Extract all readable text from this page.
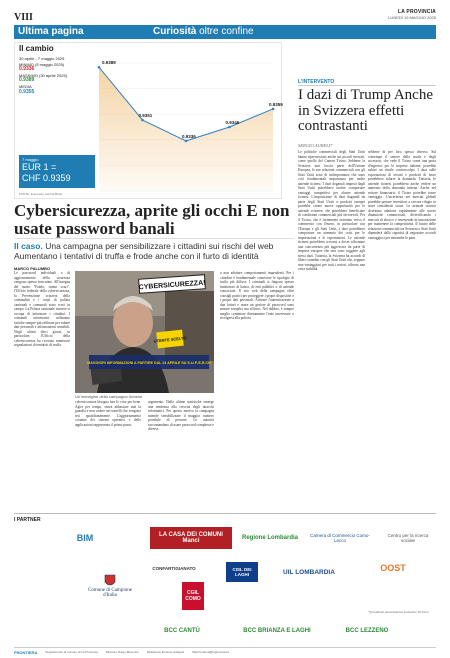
VIII	LA PROVINCIA
LUNEDÌ 19 MAGGIO 2025
Ultima pagina	Curiosità oltre confine
0.9389
0.9351
0.9336
0.9346
0.9359
Il cambio
30 aprile - 7 maggio 2025
MINIMO (5 maggio 2025)
0.9336
MASSIMO (30 aprile 2025)
0.9389
MEDIA
0.9355
7 maggio
EUR 1 =
CHF 0.9359
FONTE: European Central Bank
L'INTERVENTO
I dazi di Trump Anche in Svizzera effetti contrastanti
SERGIO AURELI*
Le politiche commerciali degli Stati Uniti hanno ripercussioni anche sui piccoli mercati, come quello del Canton Ticino. Sebbene la Svizzera non faccia parte dell'Unione Europea, le sue relazioni commerciali con gli Stati Uniti sono di un'importanza che sono così fondamentali importanza per molte aziende ticinesi. I dazi doganali imposti dagli Stati Uniti potrebbero inoltre comportare vantaggi competitivi per alcune aziende ticinesi. L'imposizione di dazi doganali da parte degli Stati Uniti a prodotti europei potrebbe creare nuove opportunità per le aziende svizzere, che potrebbero beneficiare di condizioni commerciali più favorevoli. Per il Ticino, che è fortemente orientato verso il commercio con l'estero, in particolare con l'Europa e gli Stati Uniti, i dazi potrebbero comportare un aumento dei costi per le importazioni e le esportazioni. Le aziende ticinesi potrebbero trovarsi a dover affrontare una concorrenza più aggressiva da parte di imprese europee che non sono soggette agli stessi dazi. Tuttavia, la Svizzera ha accordi di libero scambio con gli Stati Uniti che, seppure non vantaggiosi per tutti i settori, offrono una certa stabilità.
sebbene di per loro spesso diverso. Sul contempo il settore della moda e degli accessori, che vede il Ticino come una porta d'ingresso per le imprese italiane, potrebbe subire un simile contraccolpo. I dazi sulle esportazioni di tessuti e prodotti di lusso potrebbero ridurre la domanda. Tuttavia, le aziende ticinesi potrebbero anche vedere un aumento della domanda interna. Anche nel settore finanziario il Ticino potrebbe trarre vantaggio. L'incertezza nei mercati globali potrebbe portare investitori a cercare rifugio in asset considerati sicuri. Le aziende ticinesi dovranno adattarsi rapidamente alle nuove dinamiche commerciali, diversificando i mercati di sbocco e investendo in innovazione per mantenere la competitività. Il futuro delle relazioni commerciali tra Svizzera e Stati Uniti dipenderà dalla capacità di negoziare accordi vantaggiosi per entrambe le parti.
*presidente Associazione Industrie Ticinesi
Cybersicurezza, aprite gli occhi E non usate password banali
Il caso. Una campagna per sensibilizzare i cittadini sui rischi del web Aumentano i tentativi di truffa e frode anche con il furto di identità
MARCO PALUMBO
Le password individuali o di aggiornamento della sicurezza vengono spesso trascurate. All'insegna del motto "Fatelo, siamo scuri", l'Ufficio federale della cybersicurezza, la Prevenzione svizzera della criminalità e i corpi di polizia cantonali e comunali sono scesi in campo. La Polizia cantonale ticinese si occupa di informare i cittadini. I criminali informatici utilizzano tattiche sempre più raffinate per rubare dati personali e informazioni sensibili. Negli ultimi dieci giorni, in particolare, l'Ufficio della cybersicurezza ha ricevuto numerose segnalazioni di tentativi di truffa.
CYBERSICUREZZA!
UTENTE SCELTO
MAGGIORI INFORMAZIONI A PARTIRE DAL 24 APRILE SU S-U-P-E-R.CH
Un'immagine della campagna ticinese
cybersicurezza bisogna fare le cose per bene. Agire per tempo, senza abbassare mai la guardia e non cadere nei tranelli che vengono tesi quotidianamente. L'aggiornamento costante dei sistemi operativi e delle applicazioni rappresenta il primo passo.
argomento. Dalle ultime statistiche emerge una tendenza alla crescita degli attacchi informatici. Per questo motivo la campagna intende sensibilizzare il maggior numero possibile di persone. Le autorità raccomandano di usare password complesse e diverse.
a non adottare comportamenti imprudenti. Per i cittadini è fondamentale conoscere le tipologie di truffa più diffuse. I criminali si fingono spesso funzionari di banca, di enti pubblici o di aziende conosciute. Il sito web della campagna offre consigli pratici per proteggere i propri dispositivi e i propri dati personali. Attivare l'autenticazione a due fattori e usare un gestore di password sono misure semplici ma efficaci. Nel dubbio, è sempre meglio contattare direttamente l'ente interessato o rivolgersi alla polizia.
I PARTNER
BIM	LA CASA DEI COMUNI Manci	Regione Lombardia	Camera di Commercio Como-Lecco
Centro per la ricerca sociale
Comune di Campione d'Italia
CONFARTIGIANATO
CGIL COMO
CISL DEI LAGHI	UIL LOMBARDIA	OOST
BCC CANTÙ	BCC BRIANZA E LAGHI	BCC LEZZENO
FRONTIERA	Supplemento al numero di La Provincia	Direttore Diego Minonzio	Redazione Ernesto Galigani	Mail frontiera@laprovincia.it
